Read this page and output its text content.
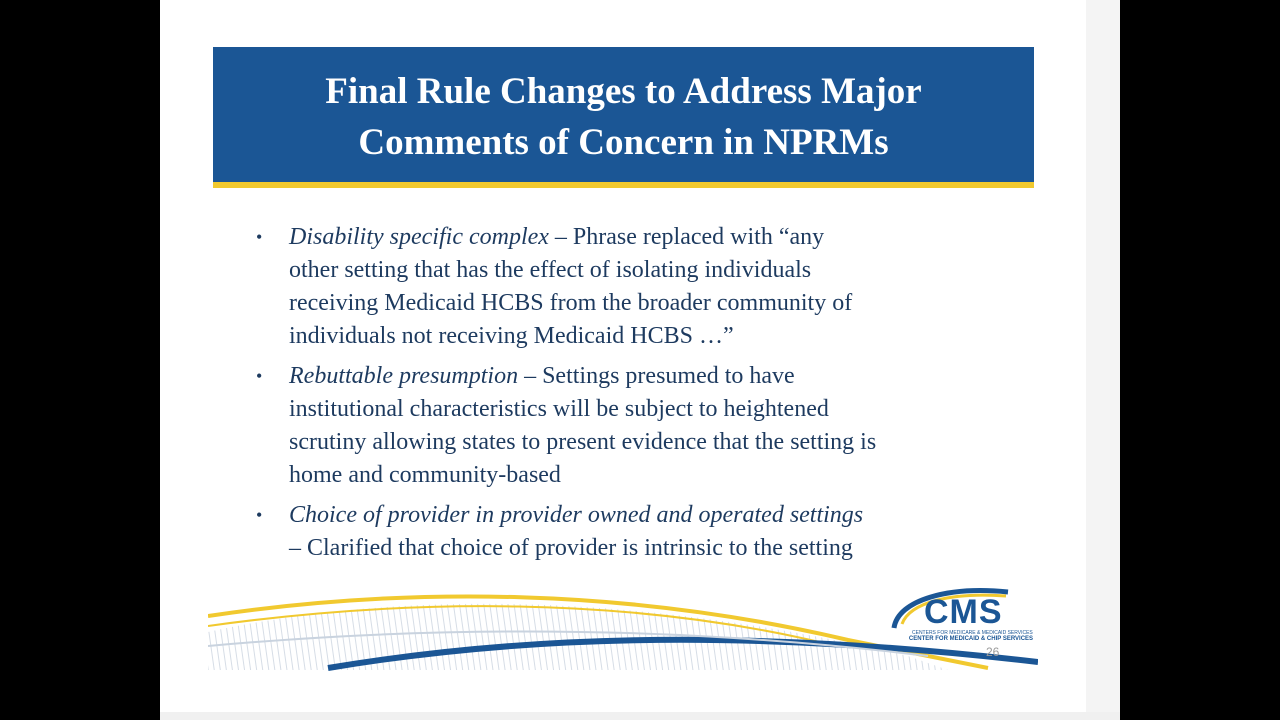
Final Rule Changes to Address Major
Comments of Concern in NPRMs
•	Disability specific complex – Phrase replaced with “any
other setting that has the effect of isolating individuals
receiving Medicaid HCBS from the broader community of
individuals not receiving Medicaid HCBS …”
•	Rebuttable presumption – Settings presumed to have
institutional characteristics will be subject to heightened
scrutiny allowing states to present evidence that the setting is
home and community-based
•	Choice of provider in provider owned and operated settings
– Clarified that choice of provider is intrinsic to the setting
CMS
CENTERS FOR MEDICARE & MEDICAID SERVICES
CENTER FOR MEDICAID & CHIP SERVICES
26
